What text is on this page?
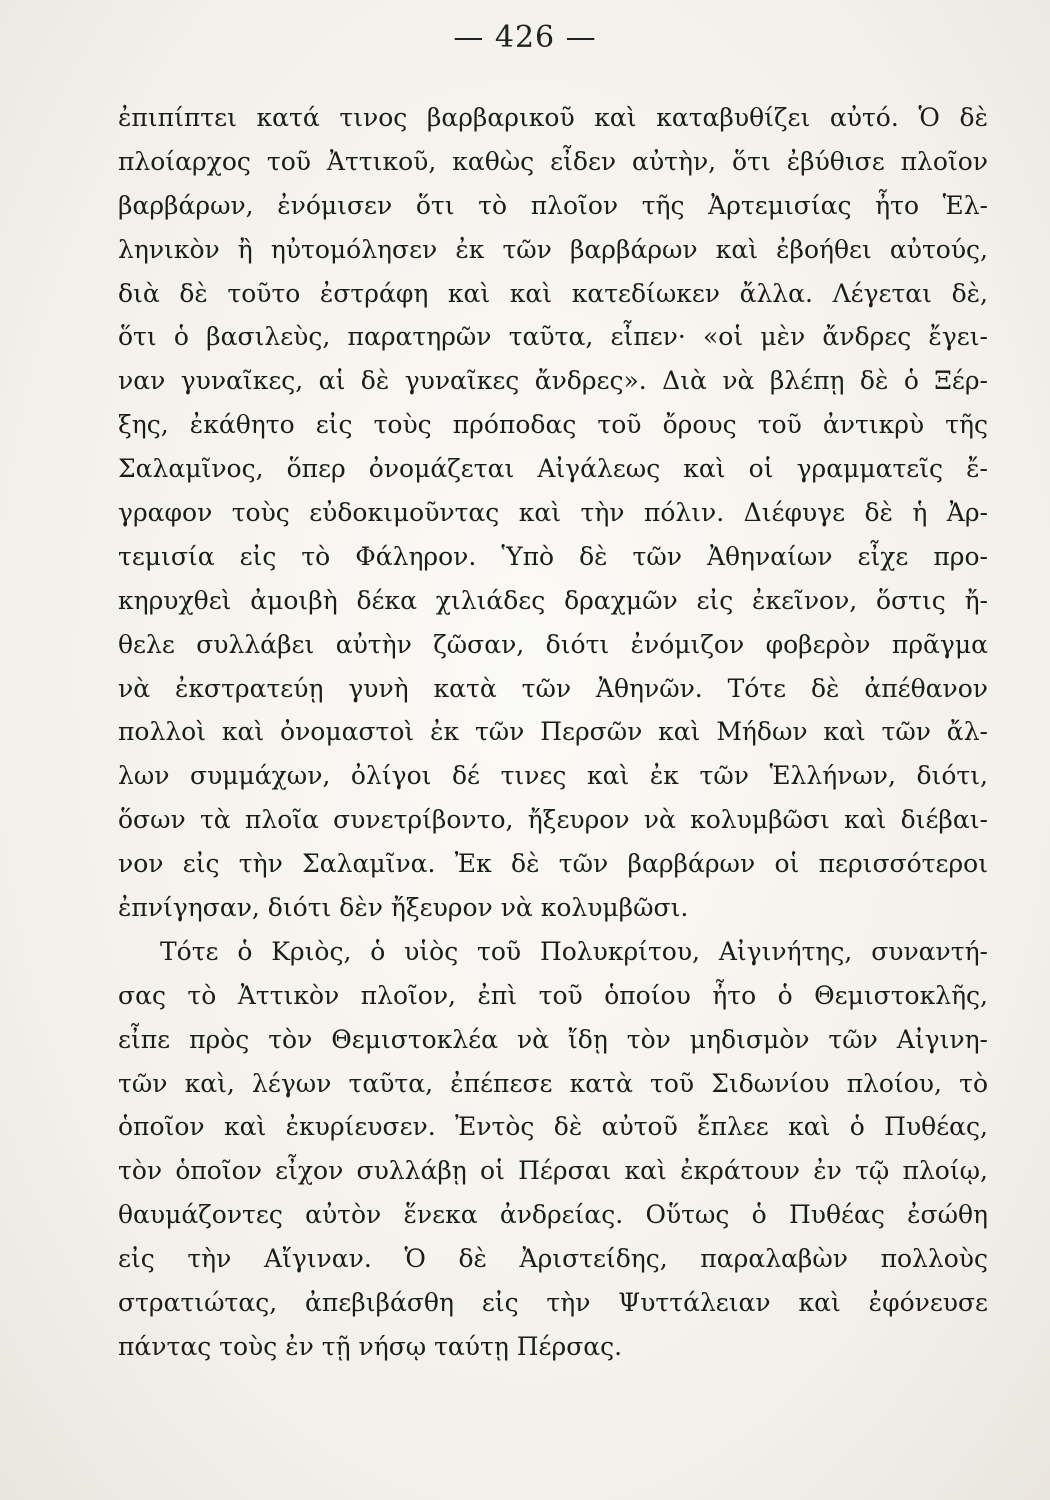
— 426 —
ἐπιπίπτει κατά τινος βαρβαρικοῦ καὶ καταβυθίζει αὐτό. Ὁ δὲ
πλοίαρχος τοῦ Ἀττικοῦ, καθὼς εἶδεν αὐτὴν, ὅτι ἐβύθισε πλοῖον
βαρβάρων, ἐνόμισεν ὅτι τὸ πλοῖον τῆς Ἀρτεμισίας ἦτο Ἑλ-
ληνικὸν ἢ ηὐτομόλησεν ἐκ τῶν βαρβάρων καὶ ἐβοήθει αὐτούς,
διὰ δὲ τοῦτο ἐστράφη καὶ καὶ κατεδίωκεν ἄλλα. Λέγεται δὲ,
ὅτι ὁ βασιλεὺς, παρατηρῶν ταῦτα, εἶπεν· «οἱ μὲν ἄνδρες ἔγει-
ναν γυναῖκες, αἱ δὲ γυναῖκες ἄνδρες». Διὰ νὰ βλέπῃ δὲ ὁ Ξέρ-
ξης, ἐκάθητο εἰς τοὺς πρόποδας τοῦ ὄρους τοῦ ἀντικρὺ τῆς
Σαλαμῖνος, ὅπερ ὀνομάζεται Αἰγάλεως καὶ οἱ γραμματεῖς ἔ-
γραφον τοὺς εὐδοκιμοῦντας καὶ τὴν πόλιν. Διέφυγε δὲ ἡ Ἀρ-
τεμισία εἰς τὸ Φάληρον. Ὑπὸ δὲ τῶν Ἀθηναίων εἶχε προ-
κηρυχθεὶ ἀμοιβὴ δέκα χιλιάδες δραχμῶν εἰς ἐκεῖνον, ὅστις ἤ-
θελε συλλάβει αὐτὴν ζῶσαν, διότι ἐνόμιζον φοβερὸν πρᾶγμα
νὰ ἐκστρατεύῃ γυνὴ κατὰ τῶν Ἀθηνῶν. Τότε δὲ ἀπέθανον
πολλοὶ καὶ ὀνομαστοὶ ἐκ τῶν Περσῶν καὶ Μήδων καὶ τῶν ἄλ-
λων συμμάχων, ὀλίγοι δέ τινες καὶ ἐκ τῶν Ἑλλήνων, διότι,
ὅσων τὰ πλοῖα συνετρίβοντο, ἤξευρον νὰ κολυμβῶσι καὶ διέβαι-
νον εἰς τὴν Σαλαμῖνα. Ἐκ δὲ τῶν βαρβάρων οἱ περισσότεροι
ἐπνίγησαν, διότι δὲν ἤξευρον νὰ κολυμβῶσι.
Τότε ὁ Κριὸς, ὁ υἱὸς τοῦ Πολυκρίτου, Αἰγινήτης, συναντή-
σας τὸ Ἀττικὸν πλοῖον, ἐπὶ τοῦ ὁποίου ἦτο ὁ Θεμιστοκλῆς,
εἶπε πρὸς τὸν Θεμιστοκλέα νὰ ἴδῃ τὸν μηδισμὸν τῶν Αἰγινη-
τῶν καὶ, λέγων ταῦτα, ἐπέπεσε κατὰ τοῦ Σιδωνίου πλοίου, τὸ
ὁποῖον καὶ ἐκυρίευσεν. Ἐντὸς δὲ αὐτοῦ ἔπλεε καὶ ὁ Πυθέας,
τὸν ὁποῖον εἶχον συλλάβῃ οἱ Πέρσαι καὶ ἐκράτουν ἐν τῷ πλοίῳ,
θαυμάζοντες αὐτὸν ἕνεκα ἀνδρείας. Οὕτως ὁ Πυθέας ἐσώθη
εἰς τὴν Αἴγιναν. Ὁ δὲ Ἀριστείδης, παραλαβὼν πολλοὺς
στρατιώτας, ἀπεβιβάσθη εἰς τὴν Ψυττάλειαν καὶ ἐφόνευσε
πάντας τοὺς ἐν τῇ νήσῳ ταύτῃ Πέρσας.
